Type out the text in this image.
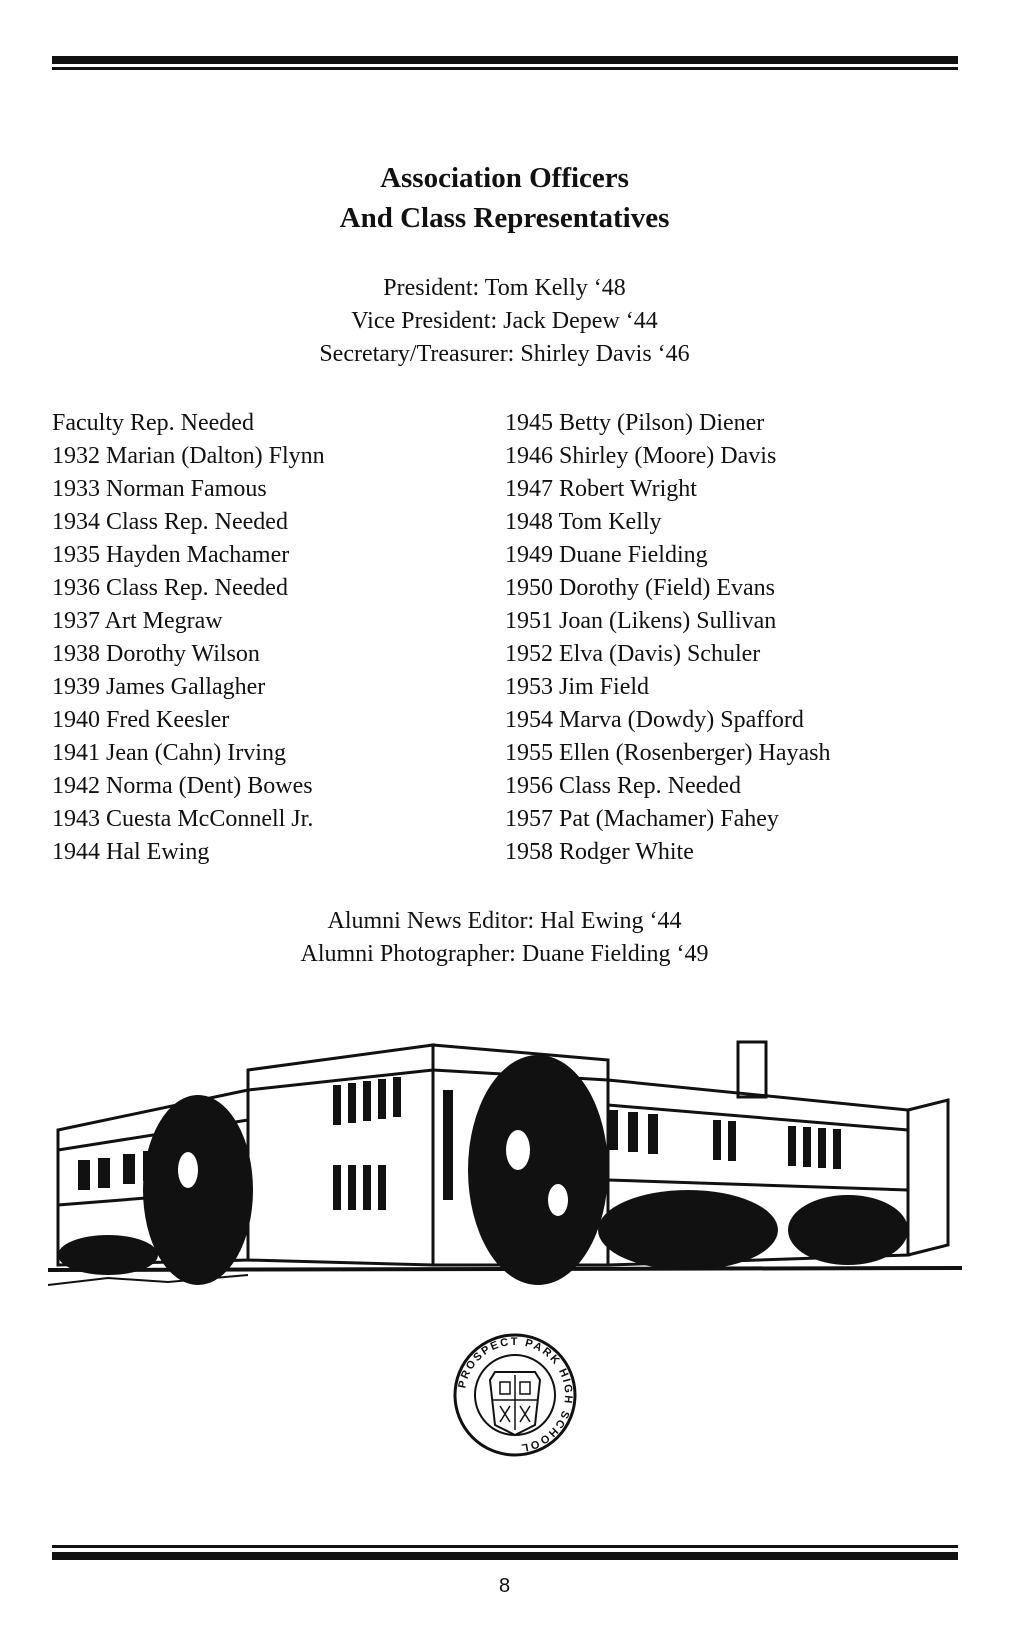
Association Officers
And Class Representatives
President: Tom Kelly ‘48
Vice President: Jack Depew ‘44
Secretary/Treasurer: Shirley Davis ‘46
Faculty Rep. Needed
1932 Marian (Dalton) Flynn
1933 Norman Famous
1934 Class Rep. Needed
1935 Hayden Machamer
1936 Class Rep. Needed
1937 Art Megraw
1938 Dorothy Wilson
1939 James Gallagher
1940 Fred Keesler
1941 Jean (Cahn) Irving
1942 Norma (Dent) Bowes
1943 Cuesta McConnell Jr.
1944 Hal Ewing
1945 Betty (Pilson) Diener
1946 Shirley (Moore) Davis
1947 Robert Wright
1948 Tom Kelly
1949 Duane Fielding
1950 Dorothy (Field) Evans
1951 Joan (Likens) Sullivan
1952 Elva (Davis) Schuler
1953 Jim Field
1954 Marva (Dowdy) Spafford
1955 Ellen (Rosenberger) Hayash
1956 Class Rep. Needed
1957 Pat (Machamer) Fahey
1958 Rodger White
Alumni News Editor: Hal Ewing ‘44
Alumni Photographer: Duane Fielding ‘49
PROSPECT PARK HIGH SCHOOL
8
